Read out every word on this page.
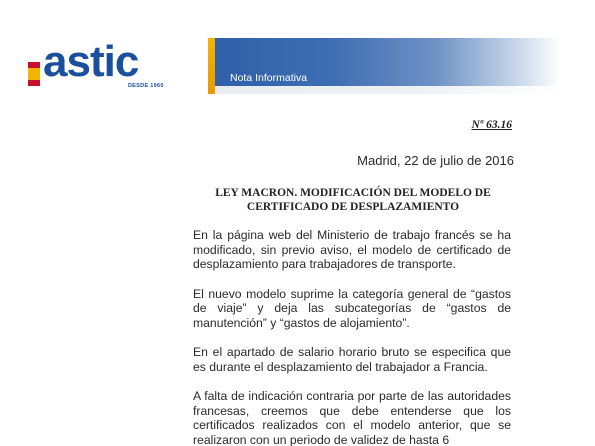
astic
DESDE 1960
Nota Informativa
Nº 63.16
Madrid, 22 de julio de 2016
LEY MACRON. MODIFICACIÓN DEL MODELO DE CERTIFICADO DE DESPLAZAMIENTO

En la página web del Ministerio de trabajo francés se ha modificado, sin previo aviso, el modelo de certificado de desplazamiento para trabajadores de transporte.

El nuevo modelo suprime la categoría general de “gastos de viaje” y deja las subcategorías de “gastos de manutención” y “gastos de alojamiento”.

En el apartado de salario horario bruto se especifica que es durante el desplazamiento del trabajador a Francia.

A falta de indicación contraria por parte de las autoridades francesas, creemos que debe entenderse que los certificados realizados con el modelo anterior, que se realizaron con un periodo de validez de hasta 6
